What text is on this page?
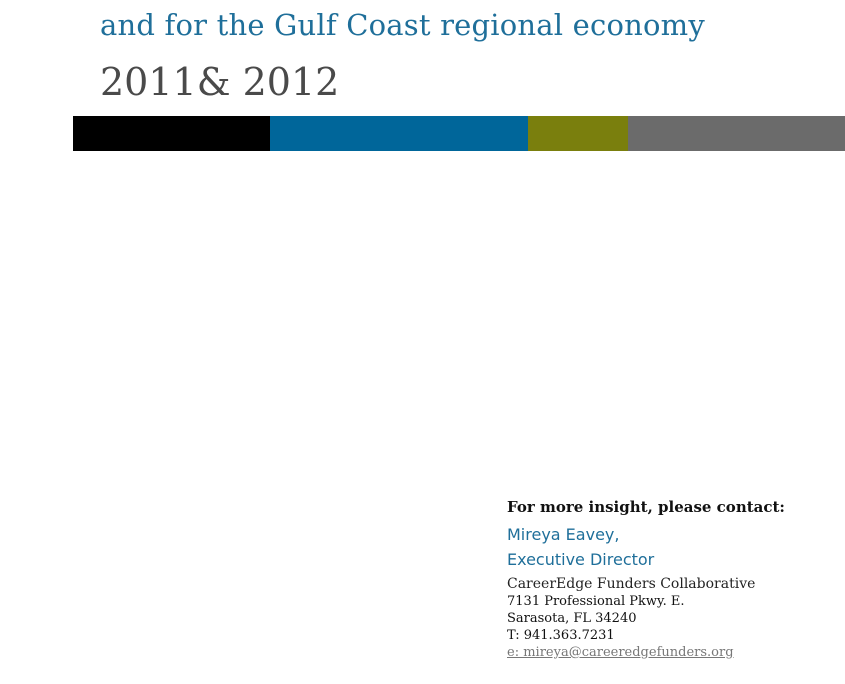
and for the Gulf Coast regional economy
2011& 2012

For more insight, please contact:

Mireya Eavey,

Executive Director

CareerEdge Funders Collaborative

7131 Professional Pkwy. E.

Sarasota, FL 34240

T: 941.363.7231

e: mireya@careeredgefunders.org
